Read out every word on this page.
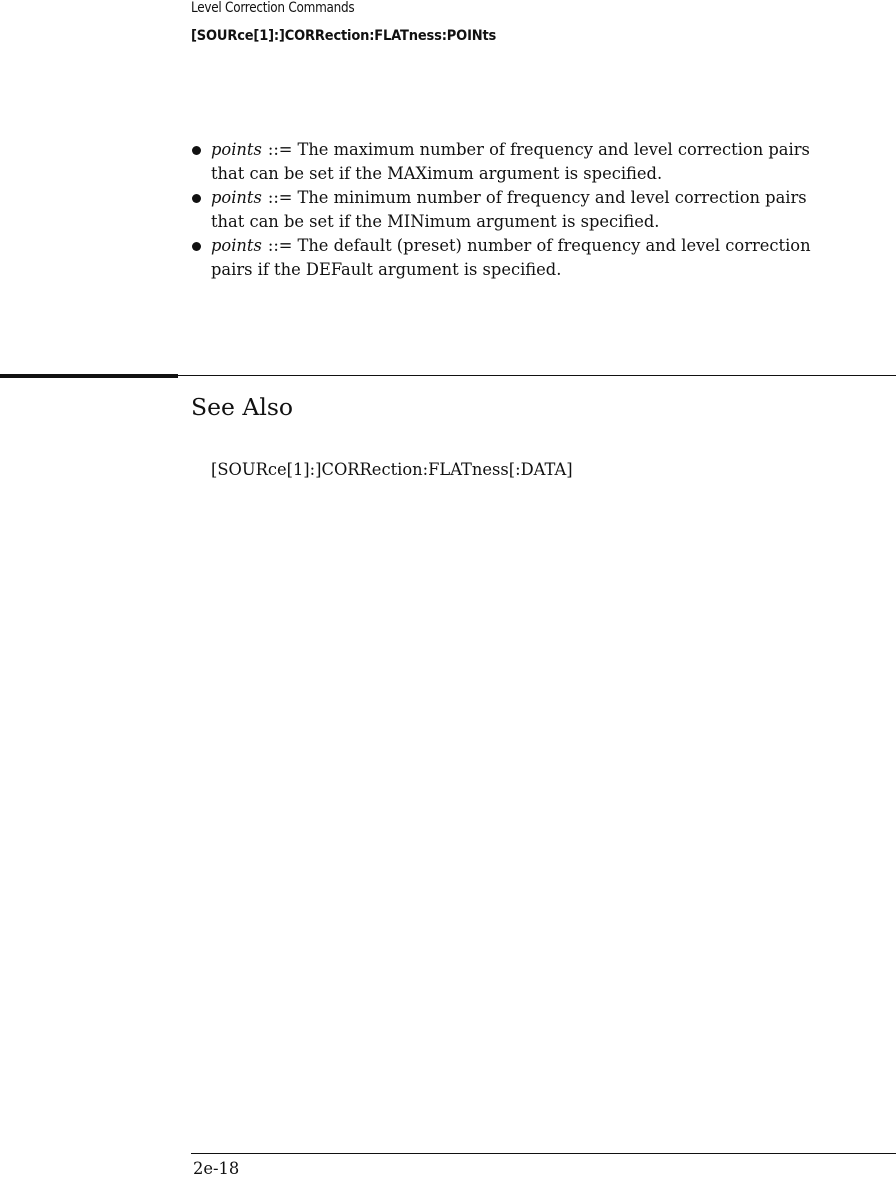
Level Correction Commands
[SOURce[1]:]CORRection:FLATness:POINts
points ::= The maximum number of frequency and level correction pairs
that can be set if the MAXimum argument is specified.
points ::= The minimum number of frequency and level correction pairs
that can be set if the MINimum argument is specified.
points ::= The default (preset) number of frequency and level correction
pairs if the DEFault argument is specified.
See Also
[SOURce[1]:]CORRection:FLATness[:DATA]
2e-18
